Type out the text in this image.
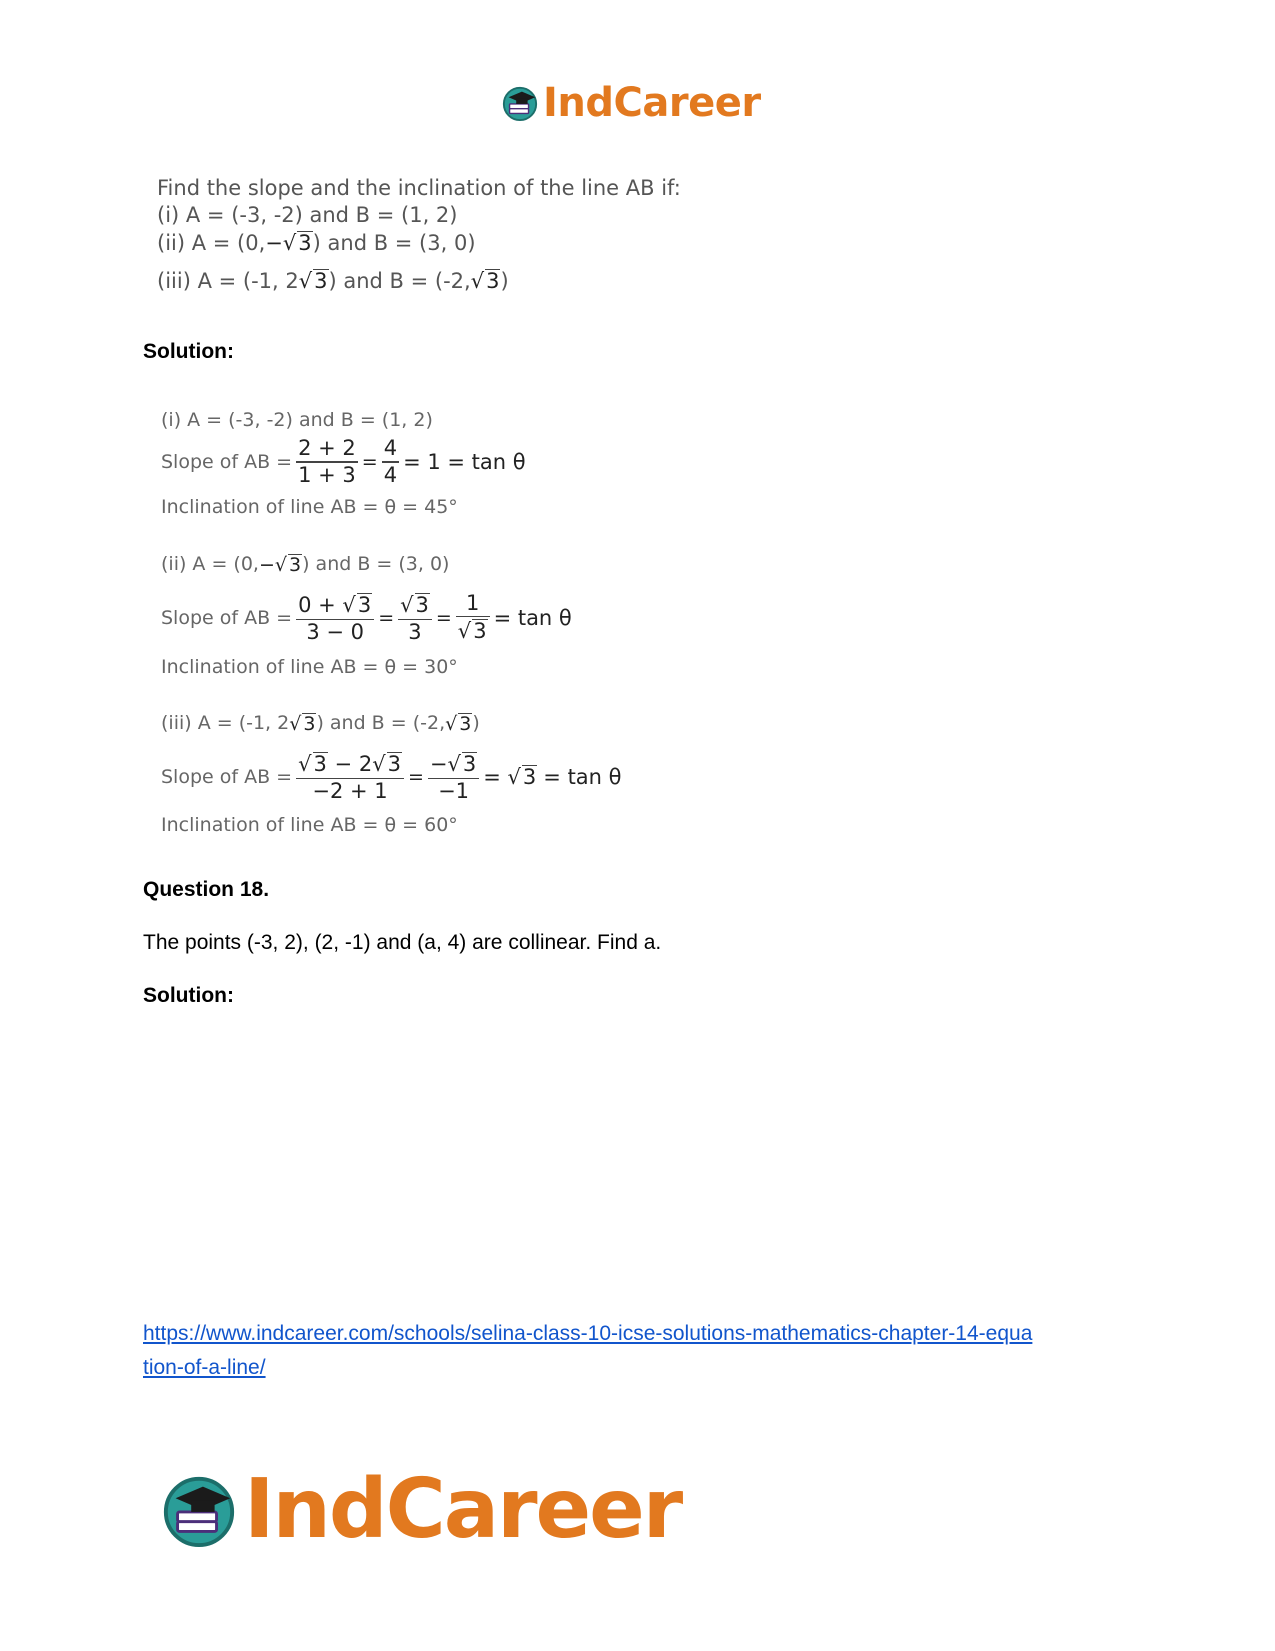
IndCareer
Find the slope and the inclination of the line AB if:
(i) A = (-3, -2) and B = (1, 2)
(ii) A = (0, −√3 ) and B = (3, 0)
(iii) A = (-1, 2 √3 ) and B = (-2, √3 )
Solution:
(i) A = (-3, -2) and B = (1, 2)
Slope of AB = $\frac{2 + 2}{1 + 3} = \frac{4}{4} = 1 = \tan \theta$
Inclination of line AB = θ = 45°
(ii) A = (0, −√ 3 ) and B = (3, 0)
Slope of AB = $\frac{0 + √3}{3 - 0} = \frac{√3}{3} = \frac{1}{√3} = \tan \theta$
Inclination of line AB = θ = 30°
(iii) A = (-1, 2 √ 3 ) and B = (-2, √ 3 )
Slope of AB = $\frac{√3 - 2√3}{-2 + 1} = \frac{-√3}{-1} = √3 = \tan \theta$
Inclination of line AB = θ = 60°
Question 18.
The points (-3, 2), (2, -1) and (a, 4) are collinear. Find a.
Solution:
https://www.indcareer.com/schools/selina-class-10-icse-solutions-mathematics-chapter-14-equa
tion-of-a-line/
IndCareer
